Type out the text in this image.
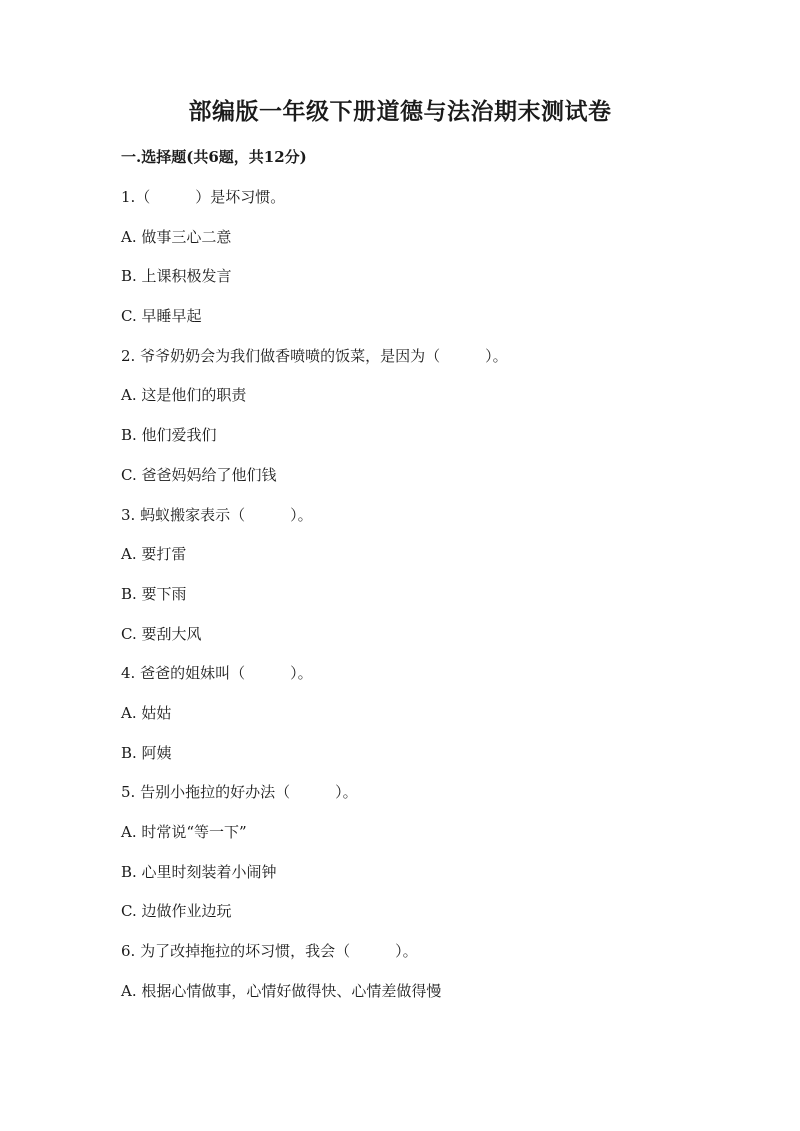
部编版一年级下册道德与法治期末测试卷
一.选择题(共6题，共12分)
1.（　　　）是坏习惯。
A. 做事三心二意
B. 上课积极发言
C. 早睡早起
2. 爷爷奶奶会为我们做香喷喷的饭菜，是因为（　　　）。
A. 这是他们的职责
B. 他们爱我们
C. 爸爸妈妈给了他们钱
3. 蚂蚁搬家表示（　　　）。
A. 要打雷
B. 要下雨
C. 要刮大风
4. 爸爸的姐妹叫（　　　）。
A. 姑姑
B. 阿姨
5. 告别小拖拉的好办法（　　　）。
A. 时常说“等一下”
B. 心里时刻装着小闹钟
C. 边做作业边玩
6. 为了改掉拖拉的坏习惯，我会（　　　）。
A. 根据心情做事，心情好做得快、心情差做得慢
